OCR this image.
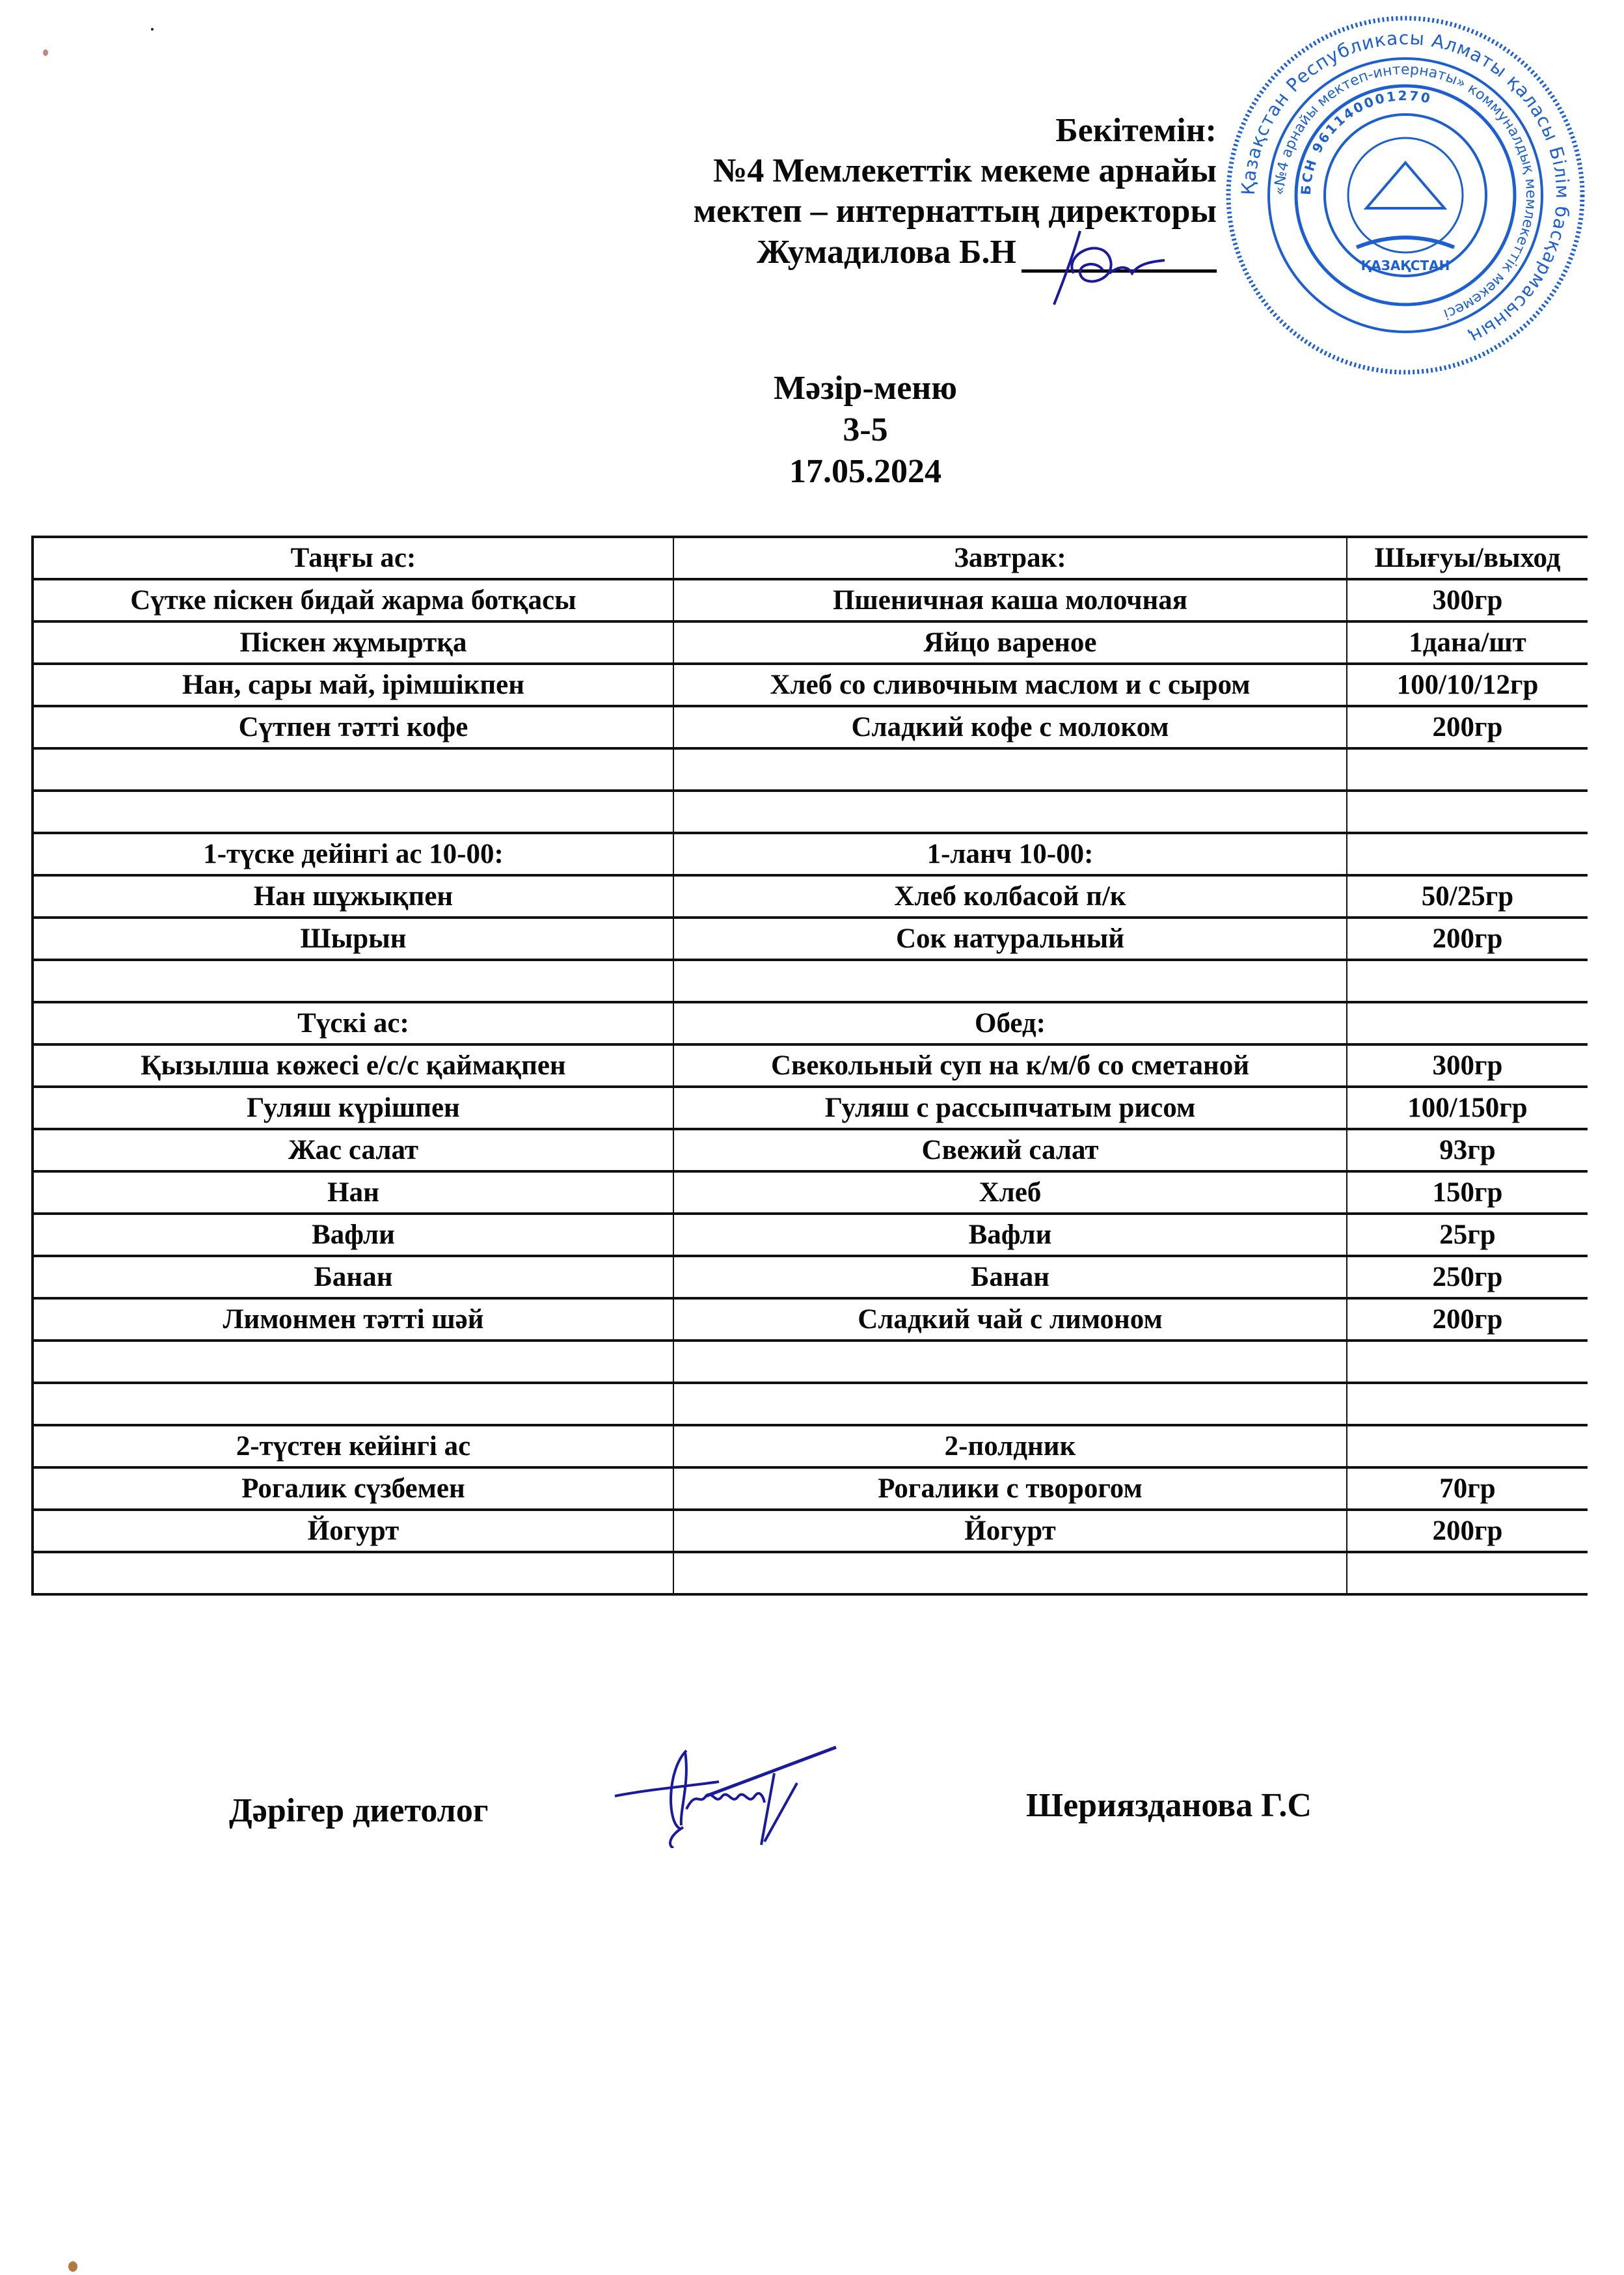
Қазақстан Республикасы Алматы қаласы Білім басқармасының
«№4 арнайы мектеп-интернаты» коммуналдық мемлекеттік мекемесі
БСН 961140001270
ҚАЗАҚСТАН
Бекітемін:
№4 Мемлекеттік мекеме арнайы
мектеп – интернаттың директоры
Жумадилова Б.Н
Мәзір-меню
3-5
17.05.2024
Таңғы ас:	Завтрак:	Шығуы/выход
Сүтке піскен бидай жарма ботқасы	Пшеничная каша молочная	300гр
Піскен жұмыртқа	Яйцо вареное	1дана/шт
Нан, сары май, ірімшікпен	Хлеб со сливочным маслом и с сыром	100/10/12гр
Сүтпен тәтті кофе	Сладкий кофе с молоком	200гр

1-түске дейінгі ас 10-00:	1-ланч 10-00:	
Нан шұжықпен	Хлеб колбасой п/к	50/25гр
Шырын	Сок натуральный	200гр

Түскі ас:	Обед:	
Қызылша көжесі е/с/с қаймақпен	Свекольный суп на к/м/б со сметаной	300гр
Гуляш күрішпен	Гуляш с рассыпчатым рисом	100/150гр
Жас салат	Свежий салат	93гр
Нан	Хлеб	150гр
Вафли	Вафли	25гр
Банан	Банан	250гр
Лимонмен тәтті шәй	Сладкий чай с лимоном	200гр

2-түстен кейінгі ас	2-полдник	
Рогалик сүзбемен	Рогалики с творогом	70гр
Йогурт	Йогурт	200гр

Дәрігер диетолог	Шериязданова Г.С
